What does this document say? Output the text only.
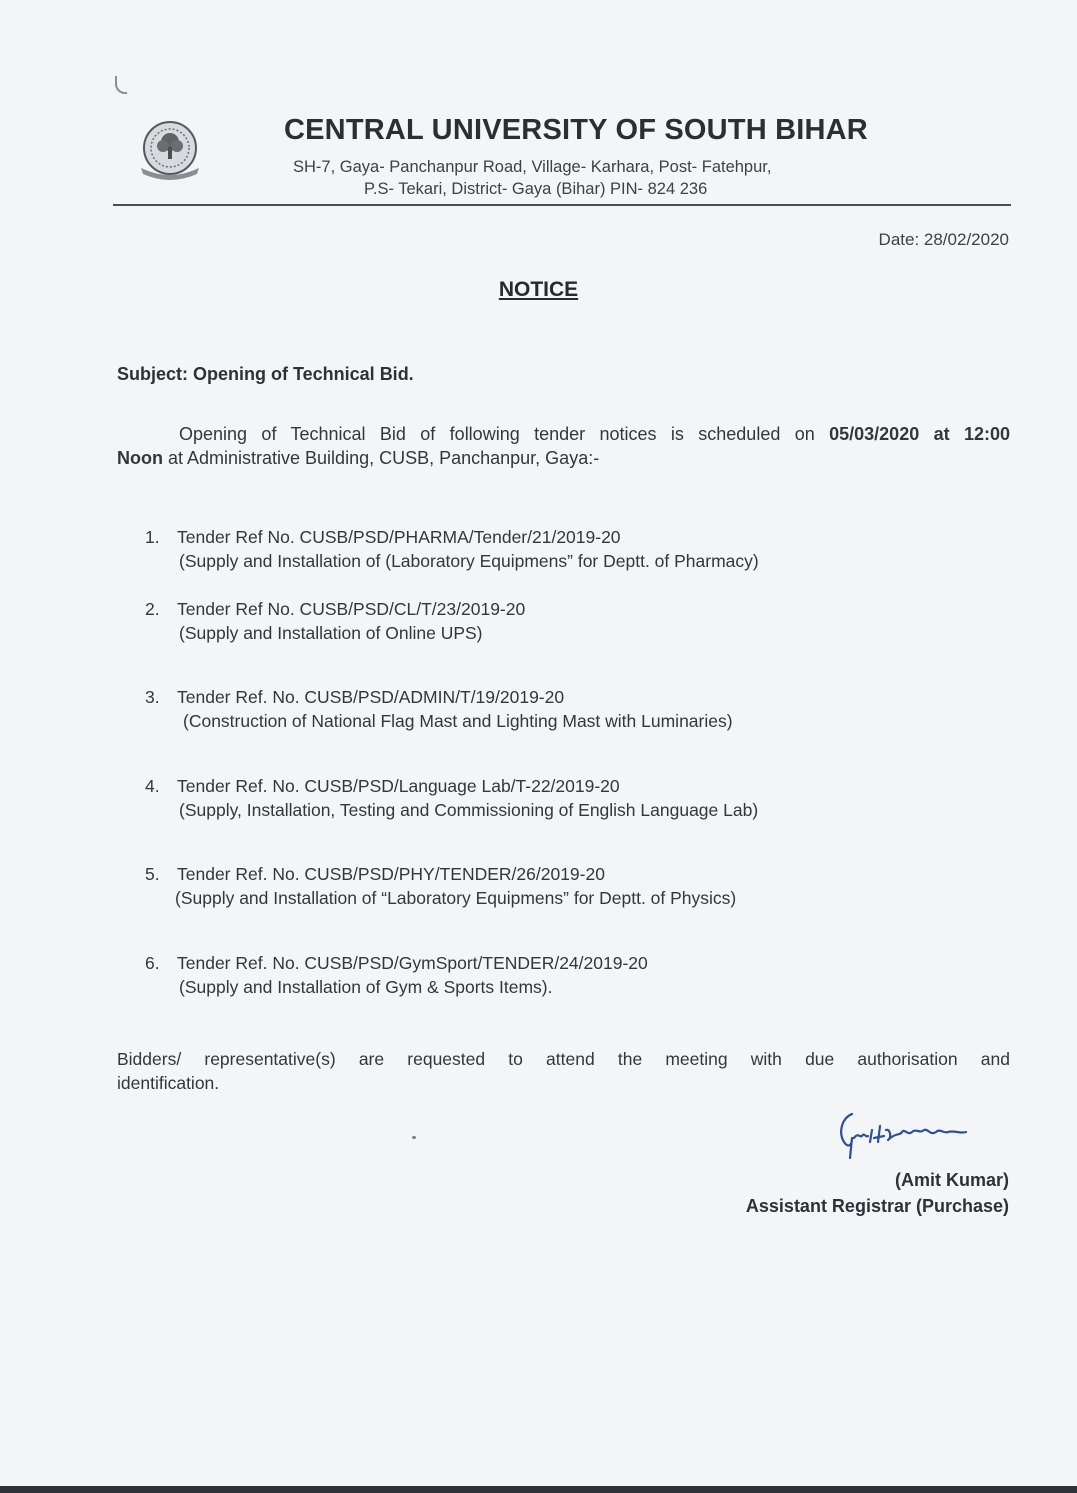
CENTRAL UNIVERSITY OF SOUTH BIHAR
SH-7, Gaya- Panchanpur Road, Village- Karhara, Post- Fatehpur,
P.S- Tekari, District- Gaya (Bihar) PIN- 824 236
Date: 28/02/2020
NOTICE
Subject: Opening of Technical Bid.
Opening of Technical Bid of following tender notices is scheduled on 05/03/2020 at 12:00
Noon at Administrative Building, CUSB, Panchanpur, Gaya:-
1. Tender Ref No. CUSB/PSD/PHARMA/Tender/21/2019-20
(Supply and Installation of (Laboratory Equipmens” for Deptt. of Pharmacy)
2. Tender Ref No. CUSB/PSD/CL/T/23/2019-20
(Supply and Installation of Online UPS)
3. Tender Ref. No. CUSB/PSD/ADMIN/T/19/2019-20
(Construction of National Flag Mast and Lighting Mast with Luminaries)
4. Tender Ref. No. CUSB/PSD/Language Lab/T-22/2019-20
(Supply, Installation, Testing and Commissioning of English Language Lab)
5. Tender Ref. No. CUSB/PSD/PHY/TENDER/26/2019-20
(Supply and Installation of “Laboratory Equipmens” for Deptt. of Physics)
6. Tender Ref. No. CUSB/PSD/GymSport/TENDER/24/2019-20
(Supply and Installation of Gym & Sports Items).
Bidders/ representative(s) are requested to attend the meeting with due authorisation and
identification.
(Amit Kumar)
Assistant Registrar (Purchase)
